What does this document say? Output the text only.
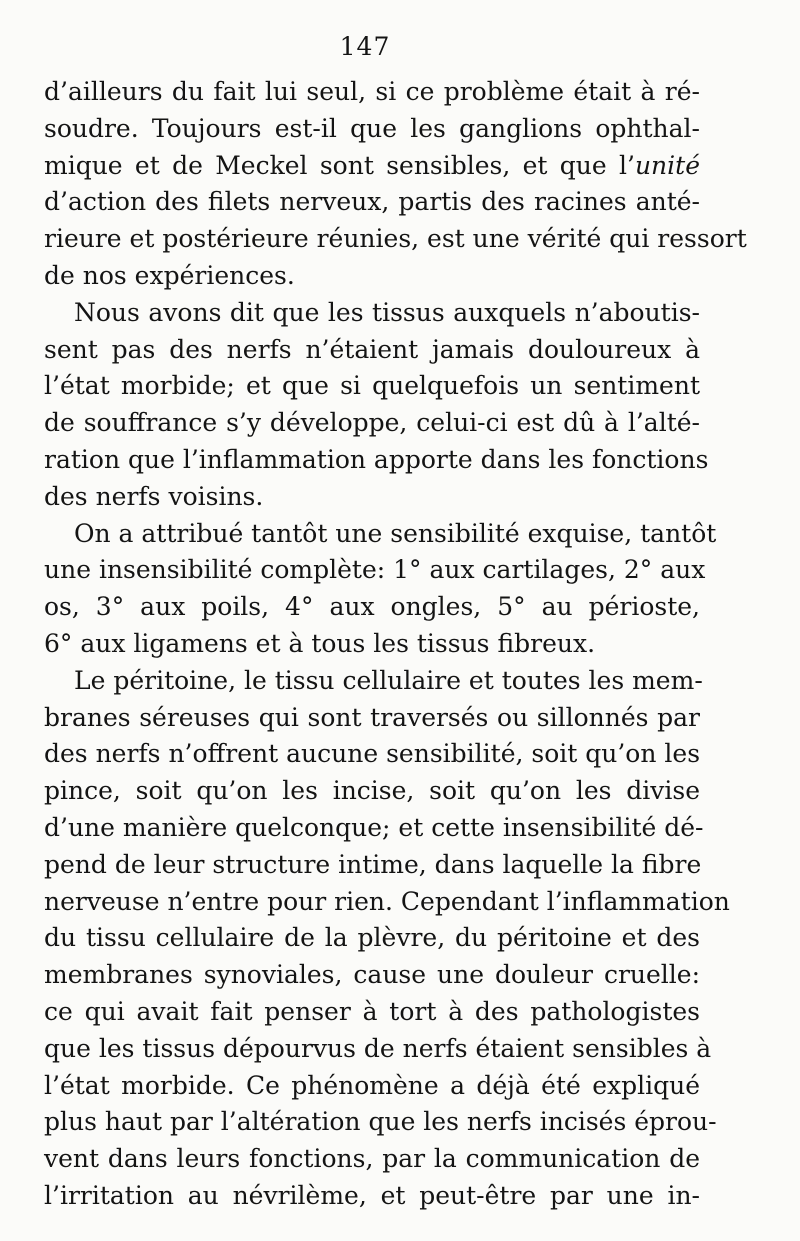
147
d’ailleurs du fait lui seul, si ce problème était à ré-
soudre. Toujours est-il que les ganglions ophthal-
mique et de Meckel sont sensibles, et que l’unité
d’action des filets nerveux, partis des racines anté-
rieure et postérieure réunies, est une vérité qui ressort
de nos expériences.
Nous avons dit que les tissus auxquels n’aboutis-
sent pas des nerfs n’étaient jamais douloureux à
l’état morbide; et que si quelquefois un sentiment
de souffrance s’y développe, celui-ci est dû à l’alté-
ration que l’inflammation apporte dans les fonctions
des nerfs voisins.
On a attribué tantôt une sensibilité exquise, tantôt
une insensibilité complète: 1° aux cartilages, 2° aux
os, 3° aux poils, 4° aux ongles, 5° au périoste,
6° aux ligamens et à tous les tissus fibreux.
Le péritoine, le tissu cellulaire et toutes les mem-
branes séreuses qui sont traversés ou sillonnés par
des nerfs n’offrent aucune sensibilité, soit qu’on les
pince, soit qu’on les incise, soit qu’on les divise
d’une manière quelconque; et cette insensibilité dé-
pend de leur structure intime, dans laquelle la fibre
nerveuse n’entre pour rien. Cependant l’inflammation
du tissu cellulaire de la plèvre, du péritoine et des
membranes synoviales, cause une douleur cruelle:
ce qui avait fait penser à tort à des pathologistes
que les tissus dépourvus de nerfs étaient sensibles à
l’état morbide. Ce phénomène a déjà été expliqué
plus haut par l’altération que les nerfs incisés éprou-
vent dans leurs fonctions, par la communication de
l’irritation au névrilème, et peut-être par une in-
